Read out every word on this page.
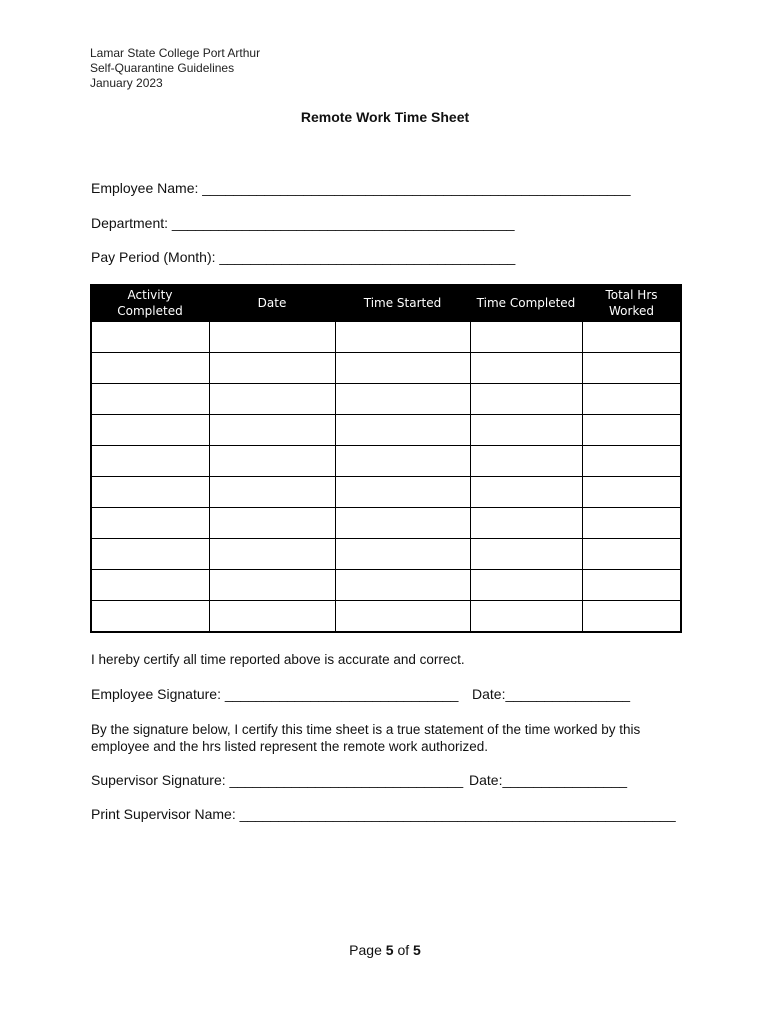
Lamar State College Port Arthur
Self-Quarantine Guidelines
January 2023
Remote Work Time Sheet
Employee Name: _______________________________________________________
Department: ____________________________________________
Pay Period (Month): ______________________________________
Activity Completed	Date	Time Started	Time Completed	Total Hrs Worked

I hereby certify all time reported above is accurate and correct.
Employee Signature: ______________________________ Date:________________
By the signature below, I certify this time sheet is a true statement of the time worked by this employee and the hrs listed represent the remote work authorized.
Supervisor Signature: ______________________________ Date:________________
Print Supervisor Name: ________________________________________________________
Page 5 of 5
